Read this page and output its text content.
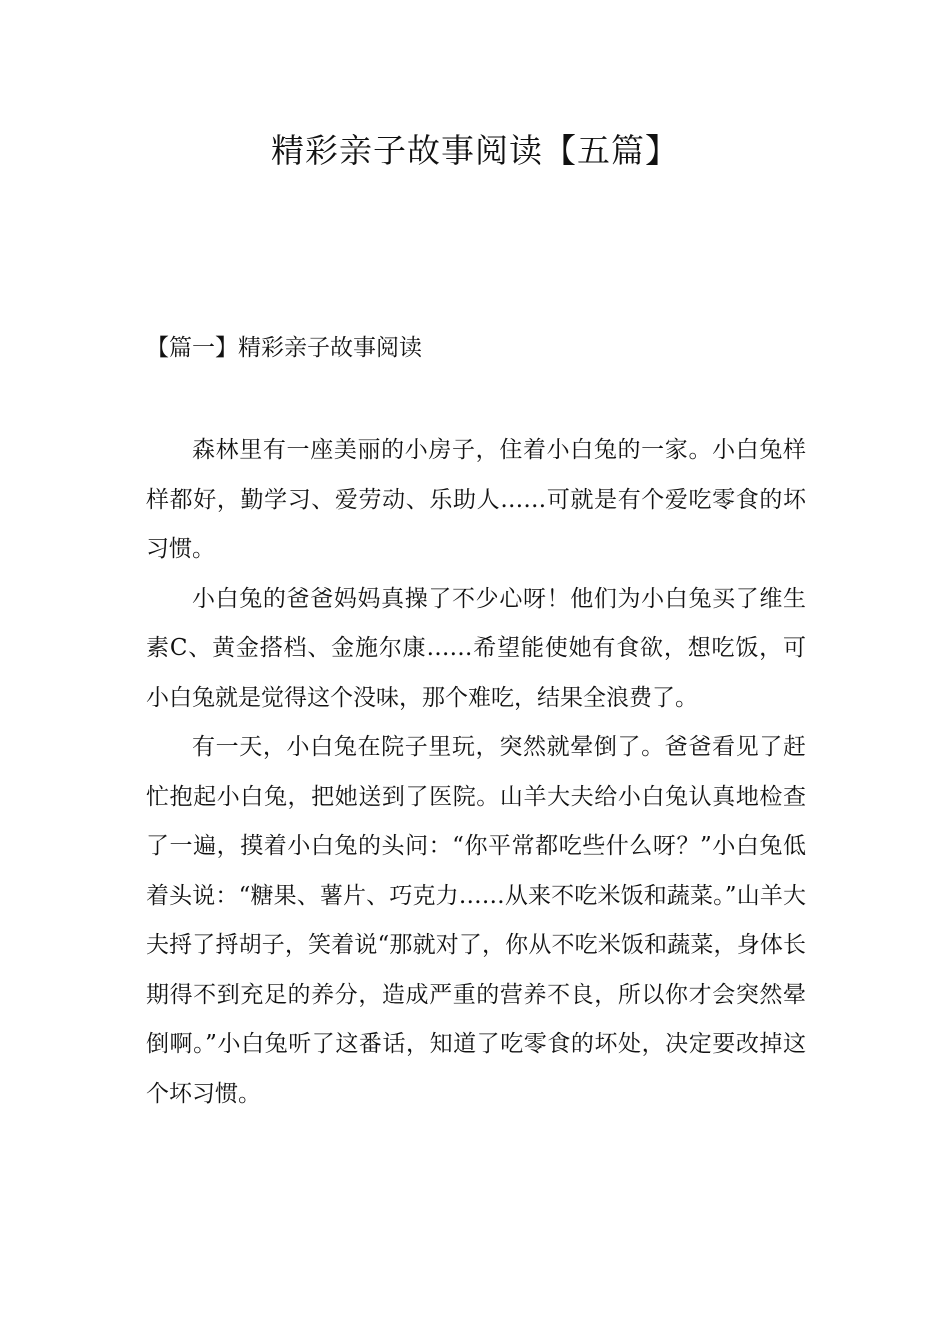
精彩亲子故事阅读【五篇】
【篇一】精彩亲子故事阅读

森林里有一座美丽的小房子，住着小白兔的一家。小白兔样样都好，勤学习、爱劳动、乐助人……可就是有个爱吃零食的坏习惯。

小白兔的爸爸妈妈真操了不少心呀！他们为小白兔买了维生素C、黄金搭档、金施尔康……希望能使她有食欲，想吃饭，可小白兔就是觉得这个没味，那个难吃，结果全浪费了。

有一天，小白兔在院子里玩，突然就晕倒了。爸爸看见了赶忙抱起小白兔，把她送到了医院。山羊大夫给小白兔认真地检查了一遍，摸着小白兔的头问：“你平常都吃些什么呀？”小白兔低着头说：“糖果、薯片、巧克力……从来不吃米饭和蔬菜。”山羊大夫捋了捋胡子，笑着说“那就对了，你从不吃米饭和蔬菜，身体长期得不到充足的养分，造成严重的营养不良，所以你才会突然晕倒啊。”小白兔听了这番话，知道了吃零食的坏处，决定要改掉这个坏习惯。
